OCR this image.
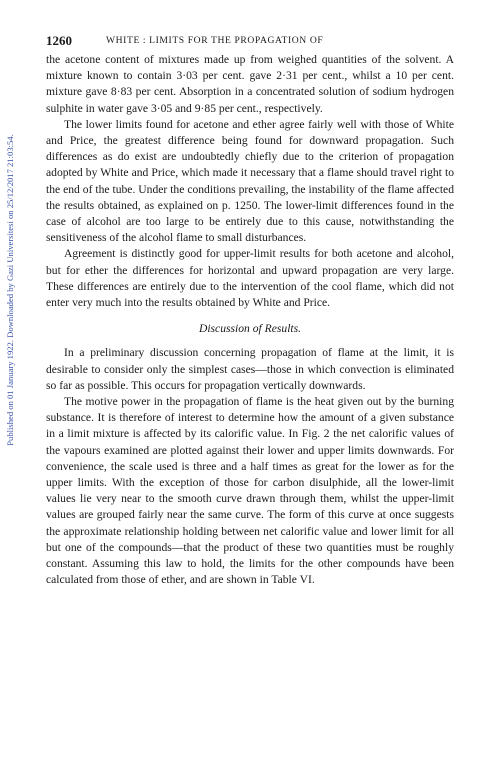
Published on 01 January 1922. Downloaded by Gazi Universitesi on 25/12/2017 21:03:54.
1260	WHITE : LIMITS FOR THE PROPAGATION OF

the acetone content of mixtures made up from weighed quantities of the solvent. A mixture known to contain 3·03 per cent. gave 2·31 per cent., whilst a 10 per cent. mixture gave 8·83 per cent. Absorption in a concentrated solution of sodium hydrogen sulphite in water gave 3·05 and 9·85 per cent., respectively.

The lower limits found for acetone and ether agree fairly well with those of White and Price, the greatest difference being found for downward propagation. Such differences as do exist are undoubtedly chiefly due to the criterion of propagation adopted by White and Price, which made it necessary that a flame should travel right to the end of the tube. Under the conditions prevailing, the instability of the flame affected the results obtained, as explained on p. 1250. The lower-limit differences found in the case of alcohol are too large to be entirely due to this cause, notwithstanding the sensitiveness of the alcohol flame to small disturbances.

Agreement is distinctly good for upper-limit results for both acetone and alcohol, but for ether the differences for horizontal and upward propagation are very large. These differences are entirely due to the intervention of the cool flame, which did not enter very much into the results obtained by White and Price.

Discussion of Results.

In a preliminary discussion concerning propagation of flame at the limit, it is desirable to consider only the simplest cases—those in which convection is eliminated so far as possible. This occurs for propagation vertically downwards.

The motive power in the propagation of flame is the heat given out by the burning substance. It is therefore of interest to determine how the amount of a given substance in a limit mixture is affected by its calorific value. In Fig. 2 the net calorific values of the vapours examined are plotted against their lower and upper limits downwards. For convenience, the scale used is three and a half times as great for the lower as for the upper limits. With the exception of those for carbon disulphide, all the lower-limit values lie very near to the smooth curve drawn through them, whilst the upper-limit values are grouped fairly near the same curve. The form of this curve at once suggests the approximate relationship holding between net calorific value and lower limit for all but one of the compounds—that the product of these two quantities must be roughly constant. Assuming this law to hold, the limits for the other compounds have been calculated from those of ether, and are shown in Table VI.
